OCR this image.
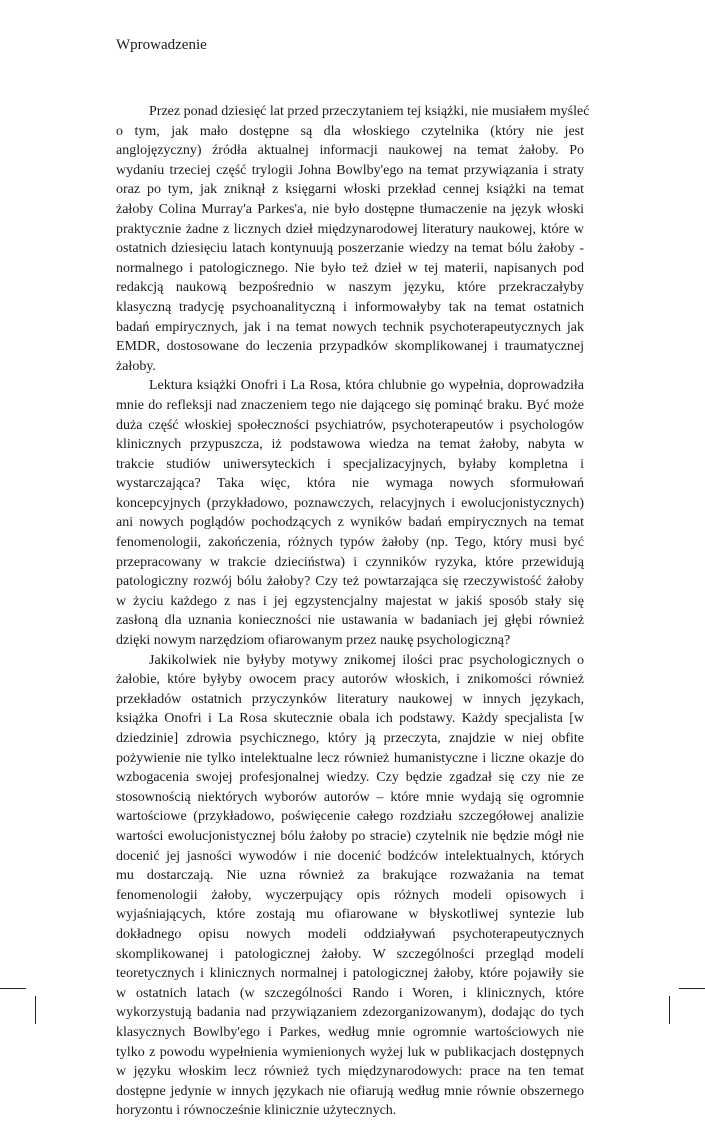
Wprowadzenie
Przez ponad dziesięć lat przed przeczytaniem tej książki, nie musiałem myśleć
o tym, jak mało dostępne są dla włoskiego czytelnika (który nie jest
anglojęzyczny) źródła aktualnej informacji naukowej na temat żałoby. Po
wydaniu trzeciej część trylogii Johna Bowlby'ego na temat przywiązania i straty
oraz po tym, jak zniknął z księgarni włoski przekład cennej książki na temat
żałoby Colina Murray'a Parkes'a, nie było dostępne tłumaczenie na język włoski
praktycznie żadne z licznych dzieł międzynarodowej literatury naukowej, które w
ostatnich dziesięciu latach kontynuują poszerzanie wiedzy na temat bólu żałoby -
normalnego i patologicznego. Nie było też dzieł w tej materii, napisanych pod
redakcją naukową bezpośrednio w naszym języku, które przekraczałyby
klasyczną tradycję psychoanalityczną i informowałyby tak na temat ostatnich
badań empirycznych, jak i na temat nowych technik psychoterapeutycznych jak
EMDR, dostosowane do leczenia przypadków skomplikowanej i traumatycznej
żałoby.
Lektura książki Onofri i La Rosa, która chlubnie go wypełnia, doprowadziła
mnie do refleksji nad znaczeniem tego nie dającego się pominąć braku. Być może
duża część włoskiej społeczności psychiatrów, psychoterapeutów i psychologów
klinicznych przypuszcza, iż podstawowa wiedza na temat żałoby, nabyta w
trakcie studiów uniwersyteckich i specjalizacyjnych, byłaby kompletna i
wystarczająca? Taka więc, która nie wymaga nowych sformułowań
koncepcyjnych (przykładowo, poznawczych, relacyjnych i ewolucjonistycznych)
ani nowych poglądów pochodzących z wyników badań empirycznych na temat
fenomenologii, zakończenia, różnych typów żałoby (np. Tego, który musi być
przepracowany w trakcie dzieciństwa) i czynników ryzyka, które przewidują
patologiczny rozwój bólu żałoby? Czy też powtarzająca się rzeczywistość żałoby
w życiu każdego z nas i jej egzystencjalny majestat w jakiś sposób stały się
zasłoną dla uznania konieczności nie ustawania w badaniach jej głębi również
dzięki nowym narzędziom ofiarowanym przez naukę psychologiczną?
Jakikolwiek nie byłyby motywy znikomej ilości prac psychologicznych o
żałobie, które byłyby owocem pracy autorów włoskich, i znikomości również
przekładów ostatnich przyczynków literatury naukowej w innych językach,
książka Onofri i La Rosa skutecznie obala ich podstawy. Każdy specjalista [w
dziedzinie] zdrowia psychicznego, który ją przeczyta, znajdzie w niej obfite
pożywienie nie tylko intelektualne lecz również humanistyczne i liczne okazje do
wzbogacenia swojej profesjonalnej wiedzy. Czy będzie zgadzał się czy nie ze
stosownością niektórych wyborów autorów – które mnie wydają się ogromnie
wartościowe (przykładowo, poświęcenie całego rozdziału szczegółowej analizie
wartości ewolucjonistycznej bólu żałoby po stracie) czytelnik nie będzie mógł nie
docenić jej jasności wywodów i nie docenić bodźców intelektualnych, których
mu dostarczają. Nie uzna również za brakujące rozważania na temat
fenomenologii żałoby, wyczerpujący opis różnych modeli opisowych i
wyjaśniających, które zostają mu ofiarowane w błyskotliwej syntezie lub
dokładnego opisu nowych modeli oddziaływań psychoterapeutycznych
skomplikowanej i patologicznej żałoby. W szczególności przegląd modeli
teoretycznych i klinicznych normalnej i patologicznej żałoby, które pojawiły sie
w ostatnich latach (w szczególności Rando i Woren, i klinicznych, które
wykorzystują badania nad przywiązaniem zdezorganizowanym), dodając do tych
klasycznych Bowlby'ego i Parkes, według mnie ogromnie wartościowych nie
tylko z powodu wypełnienia wymienionych wyżej luk w publikacjach dostępnych
w języku włoskim lecz również tych międzynarodowych: prace na ten temat
dostępne jedynie w innych językach nie ofiarują według mnie równie obszernego
horyzontu i równocześnie klinicznie użytecznych.
